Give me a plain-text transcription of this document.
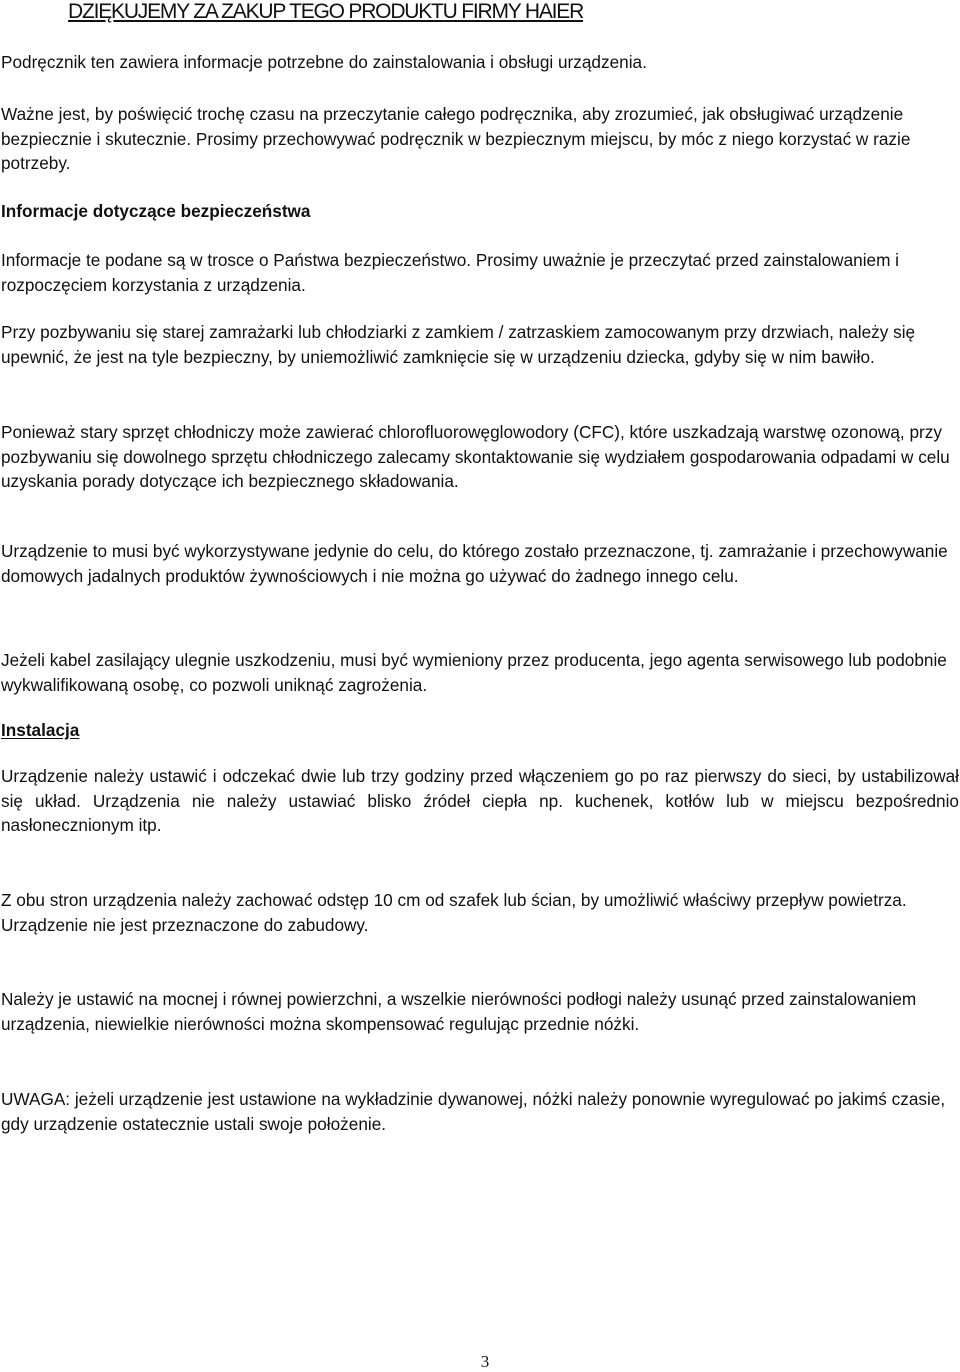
DZIĘKUJEMY ZA ZAKUP TEGO PRODUKTU FIRMY HAIER

Podręcznik ten zawiera informacje potrzebne do zainstalowania i obsługi urządzenia.

Ważne jest, by poświęcić trochę czasu na przeczytanie całego podręcznika, aby zrozumieć, jak obsługiwać urządzenie bezpiecznie i skutecznie. Prosimy przechowywać podręcznik w bezpiecznym miejscu, by móc z niego korzystać w razie potrzeby.

Informacje dotyczące bezpieczeństwa

Informacje te podane są w trosce o Państwa bezpieczeństwo. Prosimy uważnie je przeczytać przed zainstalowaniem i rozpoczęciem korzystania z urządzenia.

Przy pozbywaniu się starej zamrażarki lub chłodziarki z zamkiem / zatrzaskiem zamocowanym przy drzwiach, należy się upewnić, że jest na tyle bezpieczny, by uniemożliwić zamknięcie się w urządzeniu dziecka, gdyby się w nim bawiło.

Ponieważ stary sprzęt chłodniczy może zawierać chlorofluorowęglowodory (CFC), które uszkadzają warstwę ozonową, przy pozbywaniu się dowolnego sprzętu chłodniczego zalecamy skontaktowanie się wydziałem gospodarowania odpadami w celu uzyskania porady dotyczące ich bezpiecznego składowania.

Urządzenie to musi być wykorzystywane jedynie do celu, do którego zostało przeznaczone, tj. zamrażanie i przechowywanie domowych jadalnych produktów żywnościowych i nie można go używać do żadnego innego celu.

Jeżeli kabel zasilający ulegnie uszkodzeniu, musi być wymieniony przez producenta, jego agenta serwisowego lub podobnie wykwalifikowaną osobę, co pozwoli uniknąć zagrożenia.

Instalacja

Urządzenie należy ustawić i odczekać dwie lub trzy godziny przed włączeniem go po raz pierwszy do sieci, by ustabilizował się układ. Urządzenia nie należy ustawiać blisko źródeł ciepła np. kuchenek, kotłów lub w miejscu bezpośrednio nasłonecznionym itp.

Z obu stron urządzenia należy zachować odstęp 10 cm od szafek lub ścian, by umożliwić właściwy przepływ powietrza. Urządzenie nie jest przeznaczone do zabudowy.

Należy je ustawić na mocnej i równej powierzchni, a wszelkie nierówności podłogi należy usunąć przed zainstalowaniem urządzenia, niewielkie nierówności można skompensować regulując przednie nóżki.

UWAGA: jeżeli urządzenie jest ustawione na wykładzinie dywanowej, nóżki należy ponownie wyregulować po jakimś czasie, gdy urządzenie ostatecznie ustali swoje położenie.

3
